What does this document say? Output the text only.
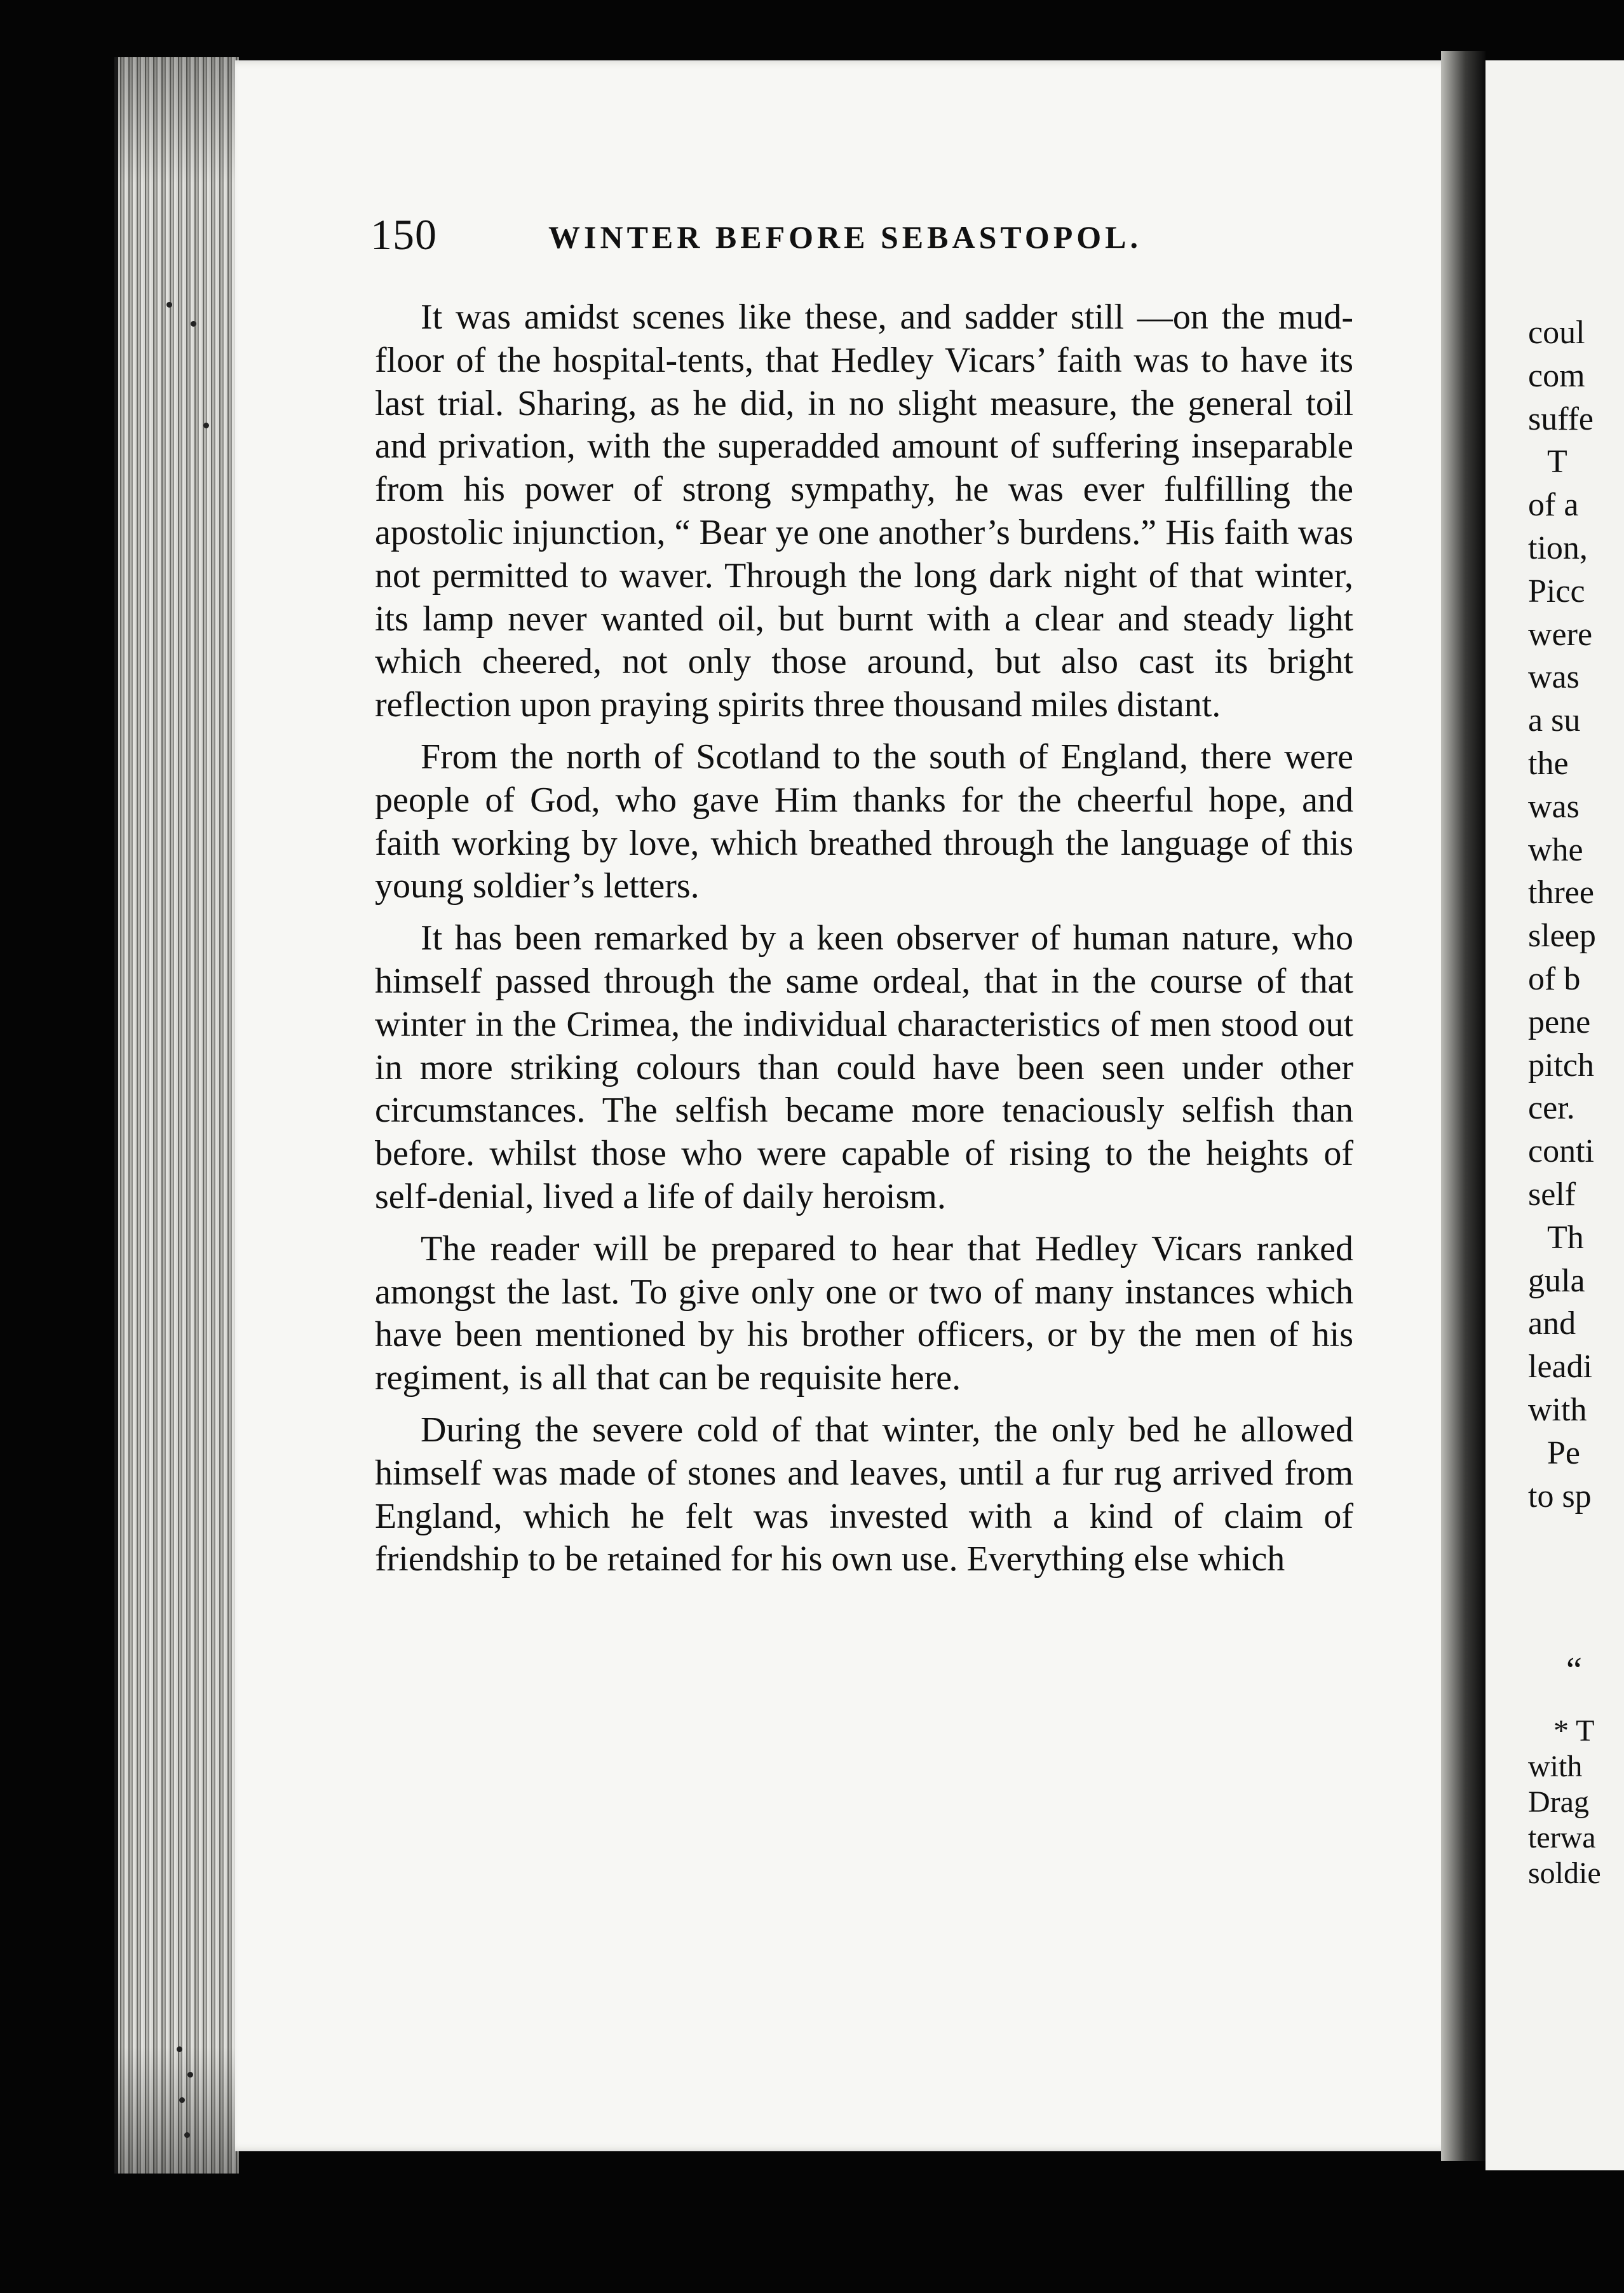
150	WINTER BEFORE SEBASTOPOL.

It was amidst scenes like these, and sadder still —on the mud-floor of the hospital-tents, that Hedley Vicars’ faith was to have its last trial. Sharing, as he did, in no slight measure, the general toil and privation, with the superadded amount of suffering inseparable from his power of strong sympathy, he was ever fulfilling the apostolic injunction, “ Bear ye one another’s burdens.” His faith was not permitted to waver. Through the long dark night of that winter, its lamp never wanted oil, but burnt with a clear and steady light which cheered, not only those around, but also cast its bright reflection upon praying spirits three thousand miles distant.

From the north of Scotland to the south of England, there were people of God, who gave Him thanks for the cheerful hope, and faith working by love, which breathed through the language of this young soldier’s letters.

It has been remarked by a keen observer of human nature, who himself passed through the same ordeal, that in the course of that winter in the Crimea, the individual characteristics of men stood out in more striking colours than could have been seen under other circumstances. The selfish became more tenaciously selfish than before. whilst those who were capable of rising to the heights of self-denial, lived a life of daily heroism.

The reader will be prepared to hear that Hedley Vicars ranked amongst the last. To give only one or two of many instances which have been mentioned by his brother officers, or by the men of his regiment, is all that can be requisite here.

During the severe cold of that winter, the only bed he allowed himself was made of stones and leaves, until a fur rug arrived from England, which he felt was invested with a kind of claim of friendship to be retained for his own use. Everything else which

coul
com
suffe
T
of a
tion,
Picc
were
was
a su
the
was
whe
three
sleep
of b
pene
pitch
cer.
conti
self
Th
gula
and
leadi
with
Pe
to sp
“
* T
with
Drag
terwa
soldie
